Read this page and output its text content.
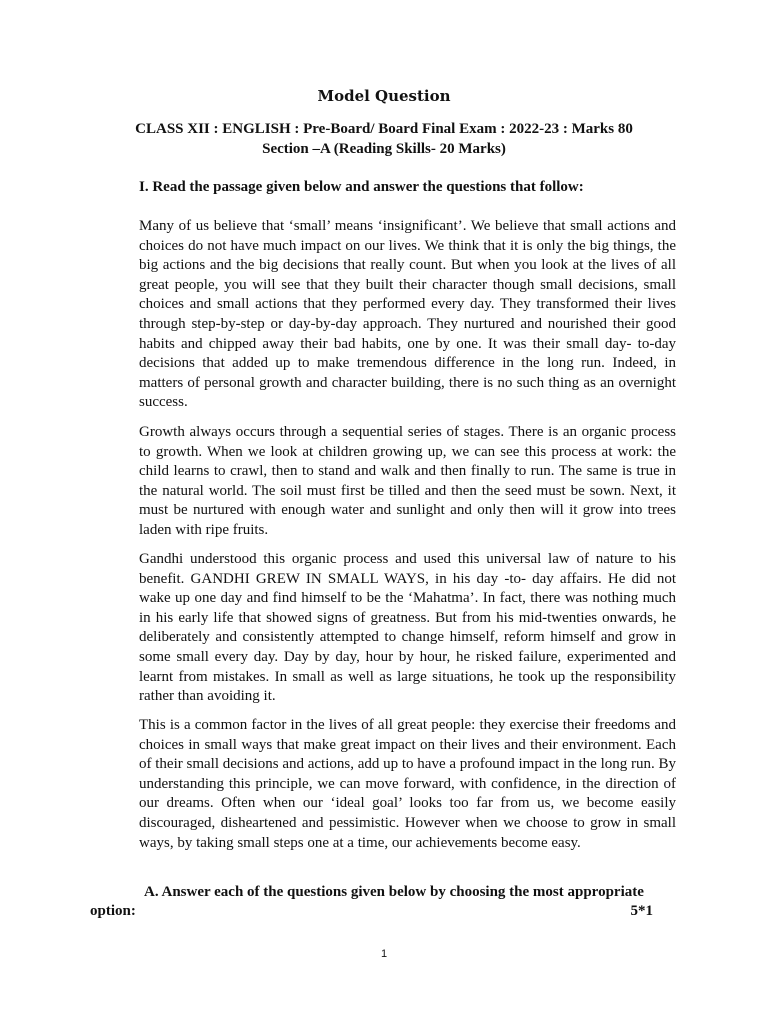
Model Question
CLASS XII : ENGLISH : Pre-Board/ Board Final Exam : 2022-23 : Marks 80
Section –A (Reading Skills- 20 Marks)
I. Read the passage given below and answer the questions that follow:

Many of us believe that ‘small’ means ‘insignificant’. We believe that small actions and choices do not have much impact on our lives. We think that it is only the big things, the big actions and the big decisions that really count. But when you look at the lives of all great people, you will see that they built their character though small decisions, small choices and small actions that they performed every day. They transformed their lives through step-by-step or day-by-day approach. They nurtured and nourished their good habits and chipped away their bad habits, one by one. It was their small day- to-day decisions that added up to make tremendous difference in the long run. Indeed, in matters of personal growth and character building, there is no such thing as an overnight success.

Growth always occurs through a sequential series of stages. There is an organic process to growth. When we look at children growing up, we can see this process at work: the child learns to crawl, then to stand and walk and then finally to run. The same is true in the natural world. The soil must first be tilled and then the seed must be sown. Next, it must be nurtured with enough water and sunlight and only then will it grow into trees laden with ripe fruits.

Gandhi understood this organic process and used this universal law of nature to his benefit. GANDHI GREW IN SMALL WAYS, in his day -to- day affairs. He did not wake up one day and find himself to be the ‘Mahatma’. In fact, there was nothing much in his early life that showed signs of greatness. But from his mid-twenties onwards, he deliberately and consistently attempted to change himself, reform himself and grow in some small every day. Day by day, hour by hour, he risked failure, experimented and learnt from mistakes. In small as well as large situations, he took up the responsibility rather than avoiding it.

This is a common factor in the lives of all great people: they exercise their freedoms and choices in small ways that make great impact on their lives and their environment. Each of their small decisions and actions, add up to have a profound impact in the long run. By understanding this principle, we can move forward, with confidence, in the direction of our dreams. Often when our ‘ideal goal’ looks too far from us, we become easily discouraged, disheartened and pessimistic. However when we choose to grow in small ways, by taking small steps one at a time, our achievements become easy.

A. Answer each of the questions given below by choosing the most appropriate
option:	5*1
1
